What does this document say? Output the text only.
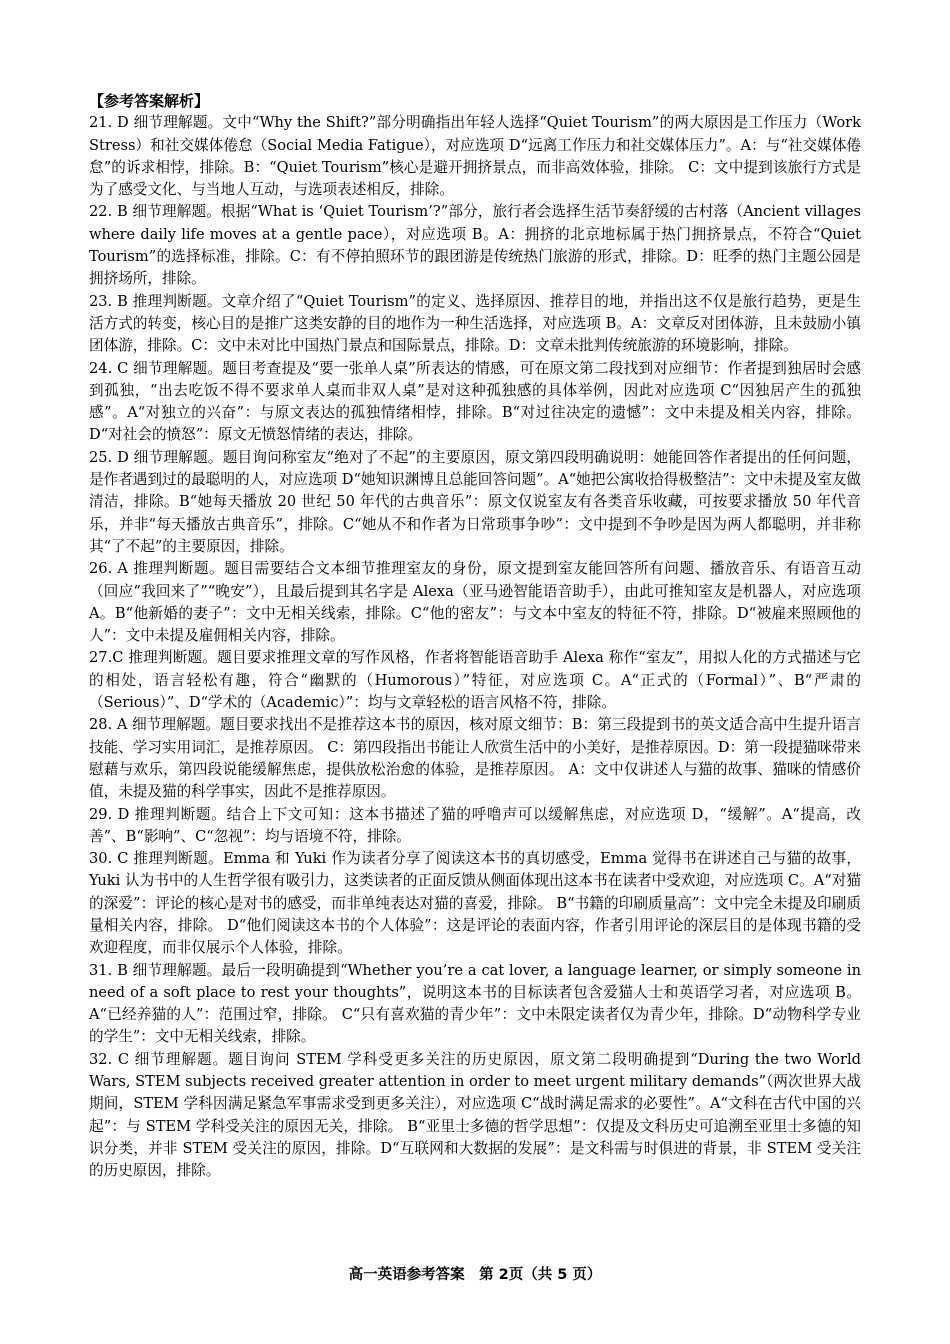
【参考答案解析】

21. D 细节理解题。文中“Why the Shift?”部分明确指出年轻人选择“Quiet Tourism”的两大原因是工作压力（Work Stress）和社交媒体倦怠（Social Media Fatigue），对应选项 D“远离工作压力和社交媒体压力”。A：与“社交媒体倦怠”的诉求相悖，排除。B：“Quiet Tourism”核心是避开拥挤景点，而非高效体验，排除。 C：文中提到该旅行方式是为了感受文化、与当地人互动，与选项表述相反，排除。

22. B 细节理解题。根据“What is ‘Quiet Tourism’?”部分，旅行者会选择生活节奏舒缓的古村落（Ancient villages where daily life moves at a gentle pace），对应选项 B。A：拥挤的北京地标属于热门拥挤景点，不符合“Quiet Tourism”的选择标准，排除。C：有不停拍照环节的跟团游是传统热门旅游的形式，排除。D：旺季的热门主题公园是拥挤场所，排除。

23. B 推理判断题。文章介绍了“Quiet Tourism”的定义、选择原因、推荐目的地，并指出这不仅是旅行趋势，更是生活方式的转变，核心目的是推广这类安静的目的地作为一种生活选择，对应选项 B。A：文章反对团体游，且未鼓励小镇团体游，排除。C：文中未对比中国热门景点和国际景点，排除。D：文章未批判传统旅游的环境影响，排除。

24. C 细节理解题。题目考查提及“要一张单人桌”所表达的情感，可在原文第二段找到对应细节：作者提到独居时会感到孤独，“出去吃饭不得不要求单人桌而非双人桌”是对这种孤独感的具体举例，因此对应选项 C“因独居产生的孤独感”。A“对独立的兴奋”：与原文表达的孤独情绪相悖，排除。B“对过往决定的遗憾”：文中未提及相关内容，排除。D“对社会的愤怒”：原文无愤怒情绪的表达，排除。

25. D 细节理解题。题目询问称室友“绝对了不起”的主要原因，原文第四段明确说明：她能回答作者提出的任何问题，是作者遇到过的最聪明的人，对应选项 D“她知识渊博且总能回答问题”。A“她把公寓收拾得极整洁”：文中未提及室友做清洁，排除。B“她每天播放 20 世纪 50 年代的古典音乐”：原文仅说室友有各类音乐收藏，可按要求播放 50 年代音乐，并非“每天播放古典音乐”，排除。C“她从不和作者为日常琐事争吵”：文中提到不争吵是因为两人都聪明，并非称其“了不起”的主要原因，排除。

26. A 推理判断题。题目需要结合文本细节推理室友的身份，原文提到室友能回答所有问题、播放音乐、有语音互动（回应“我回来了”“晚安”），且最后提到其名字是 Alexa（亚马逊智能语音助手），由此可推知室友是机器人，对应选项 A。B“他新婚的妻子”：文中无相关线索，排除。C“他的密友”：与文本中室友的特征不符，排除。D“被雇来照顾他的人”：文中未提及雇佣相关内容，排除。

27.C 推理判断题。题目要求推理文章的写作风格，作者将智能语音助手 Alexa 称作“室友”，用拟人化的方式描述与它的相处，语言轻松有趣，符合“幽默的（Humorous）”特征，对应选项 C。A“正式的（Formal）”、B“严肃的（Serious）”、D“学术的（Academic）”：均与文章轻松的语言风格不符，排除。

28. A 细节理解题。题目要求找出不是推荐这本书的原因，核对原文细节：B：第三段提到书的英文适合高中生提升语言技能、学习实用词汇，是推荐原因。 C：第四段指出书能让人欣赏生活中的小美好，是推荐原因。D：第一段提猫咪带来慰藉与欢乐，第四段说能缓解焦虑，提供放松治愈的体验，是推荐原因。 A：文中仅讲述人与猫的故事、猫咪的情感价值，未提及猫的科学事实，因此不是推荐原因。

29. D 推理判断题。结合上下文可知：这本书描述了猫的呼噜声可以缓解焦虑，对应选项 D，“缓解”。A“提高，改善”、B“影响”、C“忽视”：均与语境不符，排除。

30. C 推理判断题。Emma 和 Yuki 作为读者分享了阅读这本书的真切感受，Emma 觉得书在讲述自己与猫的故事，Yuki 认为书中的人生哲学很有吸引力，这类读者的正面反馈从侧面体现出这本书在读者中受欢迎，对应选项 C。A“对猫的深爱”：评论的核心是对书的感受，而非单纯表达对猫的喜爱，排除。 B“书籍的印刷质量高”：文中完全未提及印刷质量相关内容，排除。 D“他们阅读这本书的个人体验”：这是评论的表面内容，作者引用评论的深层目的是体现书籍的受欢迎程度，而非仅展示个人体验，排除。

31. B 细节理解题。最后一段明确提到“Whether you’re a cat lover, a language learner, or simply someone in need of a soft place to rest your thoughts”，说明这本书的目标读者包含爱猫人士和英语学习者，对应选项 B。A“已经养猫的人”：范围过窄，排除。 C“只有喜欢猫的青少年”：文中未限定读者仅为青少年，排除。D“动物科学专业的学生”：文中无相关线索，排除。

32. C 细节理解题。题目询问 STEM 学科受更多关注的历史原因，原文第二段明确提到“During the two World Wars, STEM subjects received greater attention in order to meet urgent military demands”（两次世界大战期间，STEM 学科因满足紧急军事需求受到更多关注），对应选项 C“战时满足需求的必要性”。A“文科在古代中国的兴起”：与 STEM 学科受关注的原因无关，排除。 B“亚里士多德的哲学思想”：仅提及文科历史可追溯至亚里士多德的知识分类，并非 STEM 受关注的原因，排除。D“互联网和大数据的发展”：是文科需与时俱进的背景，非 STEM 受关注的历史原因，排除。

高一英语参考答案　第 2页（共 5 页）
